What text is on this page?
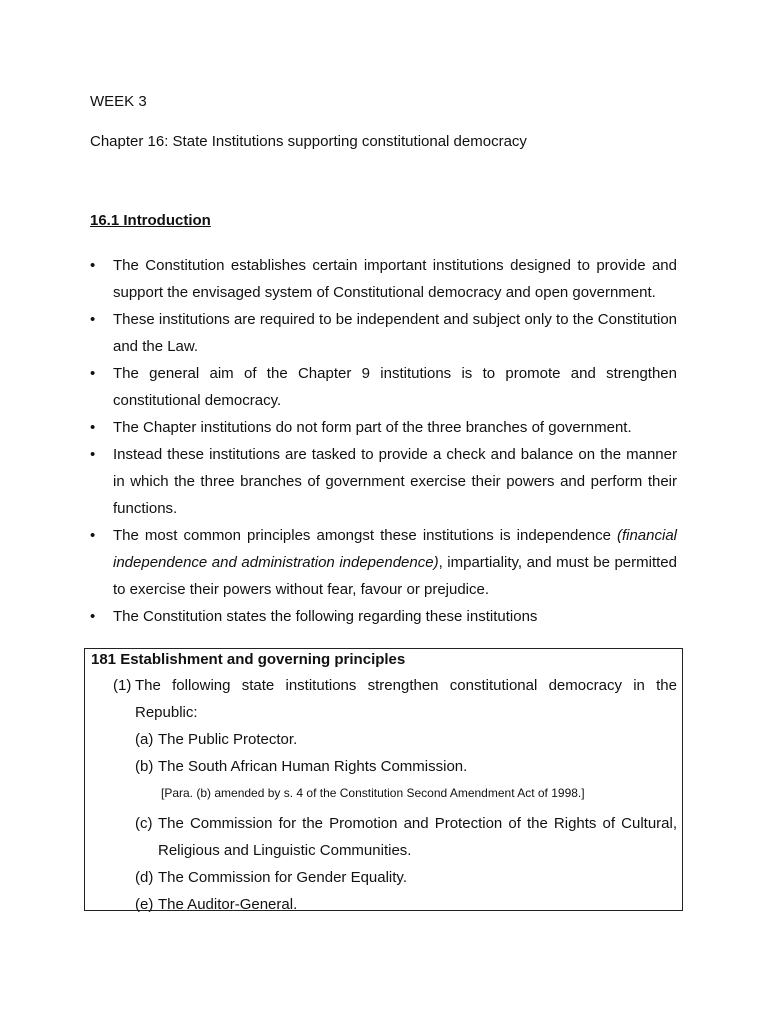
WEEK 3
Chapter 16: State Institutions supporting constitutional democracy
16.1 Introduction
• The Constitution establishes certain important institutions designed to provide and support the envisaged system of Constitutional democracy and open government.
• These institutions are required to be independent and subject only to the Constitution and the Law.
• The general aim of the Chapter 9 institutions is to promote and strengthen constitutional democracy.
• The Chapter institutions do not form part of the three branches of government.
• Instead these institutions are tasked to provide a check and balance on the manner in which the three branches of government exercise their powers and perform their functions.
• The most common principles amongst these institutions is independence (financial independence and administration independence), impartiality, and must be permitted to exercise their powers without fear, favour or prejudice.
• The Constitution states the following regarding these institutions
181 Establishment and governing principles
(1) The following state institutions strengthen constitutional democracy in the Republic:
(a) The Public Protector.
(b) The South African Human Rights Commission.
[Para. (b) amended by s. 4 of the Constitution Second Amendment Act of 1998.]
(c) The Commission for the Promotion and Protection of the Rights of Cultural, Religious and Linguistic Communities.
(d) The Commission for Gender Equality.
(e) The Auditor-General.
